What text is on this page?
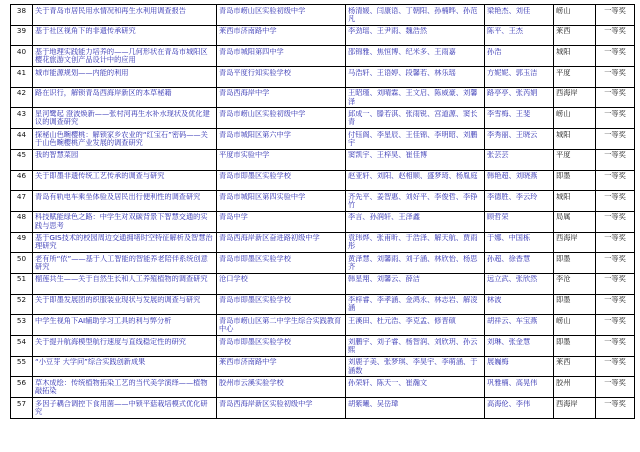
38	关于青岛市居民用水情况和再生水利用调查报告	青岛市崂山区实验初级中学	杨清媛、闫康语、丁朝阳、孙楠晔、孙范凡	梁艳杰、刘佳	崂山	一等奖

39	基于社区视角下的非遗传承研究	莱西市济南路中学	李劲瑶、王尹雨、魏浩然	陈平、王杰	莱西	一等奖

40	基于地理实践能力培养的——几何形状在青岛市城阳区樱花旅游文创产品设计中的应用	青岛市城阳第四中学	邵锦雅、焦恒博、纪米多、王雨嘉	孙浩	城阳	一等奖

41	城市能源规划——内能的利用	青岛平度行知实验学校	马浩轩、王语婷、段馨若、林乐瑶	方妮妮、郭玉洁	平度	一等奖

42	路在识行，解锁青岛西海岸新区的本草秘籍	青岛西海岸中学	王昭瑾、刘晴霖、王文启、陈威豪、刘馨泽	路亭亭、张芮娟	西海岸	一等奖

43	星河鹭起 澄波焕新——张村河再生水补水现状及优化建议的调查研究	青岛市崂山区实验初级中学	邱成一、滕若淇、张雨锐、宫道源、窦长青	李雪梅、王斐	崂山	一等奖

44	探秘山色畹樱桃：解锁家乡农业的“红宝石”密码——关于山色畹樱桃产业发展的调查研究	青岛市城阳区第六中学	付钰阁、李星辰、王佳锦、李明昭、刘鹏宇	李秀丽、王晓云	城阳	一等奖

45	我的智慧菜园	平度市实验中学	窦凯宇、王梓昊、崔佳博	张芸芸	平度	一等奖

46	关于即墨非遗传统工艺传承的调查与研究	青岛市即墨区实验学校	赵亚轩、刘阳、赵相顺、盛梦琦、杨胤庭	韩艳超、刘晓燕	即墨	一等奖

47	青岛有轨电车乘坐体验及居民出行便利性的调查研究	青岛市城阳区第四实验中学	齐先平、姜智惠、刘好平、李俊哲、李铮竹	李德胜、李云玲	城阳	一等奖

48	科技赋能绿色之路：中学生对双碳背景下智慧交通的实践与思考	青岛中学	李言、孙润轩、王泽鑫	顾哲荣	局属	一等奖

49	基于GIS技术的校园周边交通拥堵时空特征解析及智慧治理研究	青岛西海岸新区奋进路初级中学	袁玮烨、张甫昕、于浩泽、解天航、贾雨彤	于娜、中国栋	西海岸	一等奖

50	老有所“依”——基于人工智能的智能养老陪伴系统创意研究	青岛市即墨区实验学校	黄泽慧、刘馨雨、刘子涵、林欣怡、杨思齐	孙超、徐香慧	即墨	一等奖

51	榴莲共生——关于自然生长和人工养殖植物的调查研究	沧口学校	韩星翔、刘馨云、薛洁	远立武、张欣然	李沧	一等奖

52	关于即墨发展团的织服装业现状与发展的调查与研究	青岛市即墨区实验学校	李梓睿、李孝涵、金鸿永、林志岩、解凌涵	林波	即墨	一等奖

53	中学生视角下AI辅助学习工具的利与弊分析	青岛市崂山区第二中学生综合实践教育中心	王溪田、杜元浩、李克孟、修晋硕	胡祥云、车宝燕	崂山	一等奖

54	关于提升航海模型航行速度与直线稳定性的研究	青岛市即墨区实验学校	刘鹏宇、刘子睿、杨智润、刘欣玥、孙云熙	刘琳、张金慧	即墨	一等奖

55	“小豆芽 大学问”综合实践创新成果	莱西市济南路中学	刘鹿子美、张梦琪、李昊宇、李萌涵、于涵数	展巍梅	莱西	一等奖

56	草木成绘：传统植物拓染工艺的当代美学演绎——植物敲拓染	胶州市云溪实验学校	孙荣轩、陈天一、崔瀚文	巩雅楠、高晃伟	胶州	一等奖

57	多因子耦合调控下食用菌——中锁平菇栽培模式优化研究	青岛西海岸新区实验初级中学	胡紫曦、吴岳瑋	高海伦、李伟	西海岸	一等奖
